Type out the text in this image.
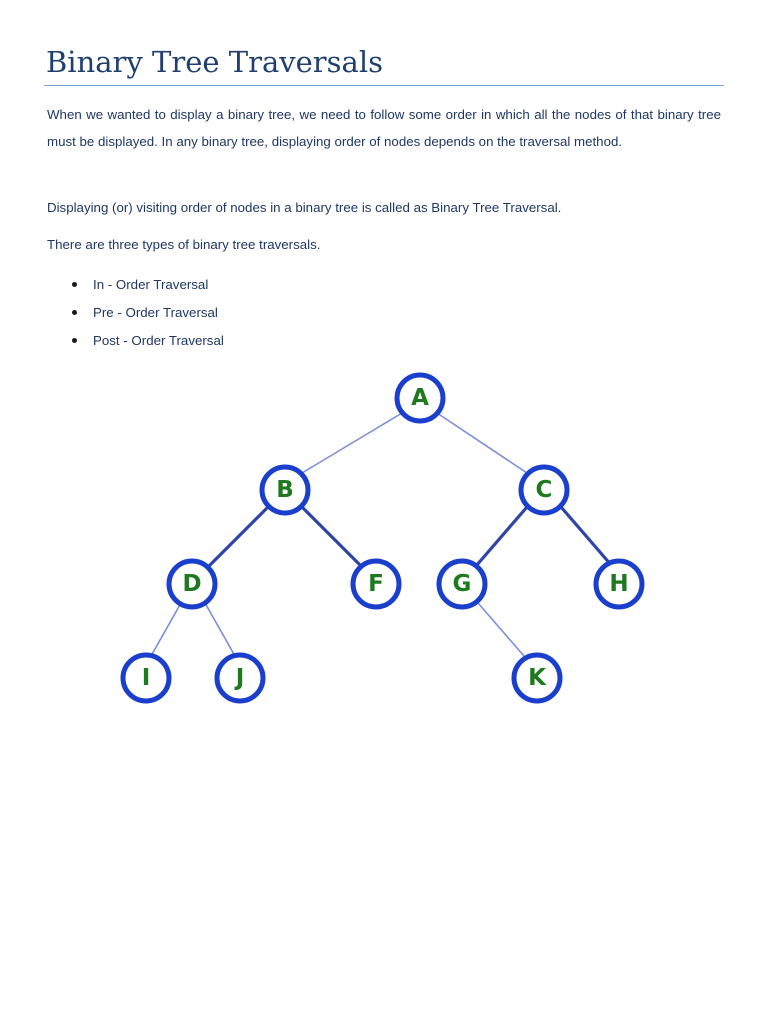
Binary Tree Traversals

When we wanted to display a binary tree, we need to follow some order in which all the nodes of that binary tree must be displayed. In any binary tree, displaying order of nodes depends on the traversal method.

Displaying (or) visiting order of nodes in a binary tree is called as Binary Tree Traversal.

There are three types of binary tree traversals.

In - Order Traversal
Pre - Order Traversal
Post - Order Traversal
A
B	C
D	F	G	H
I	J	K
